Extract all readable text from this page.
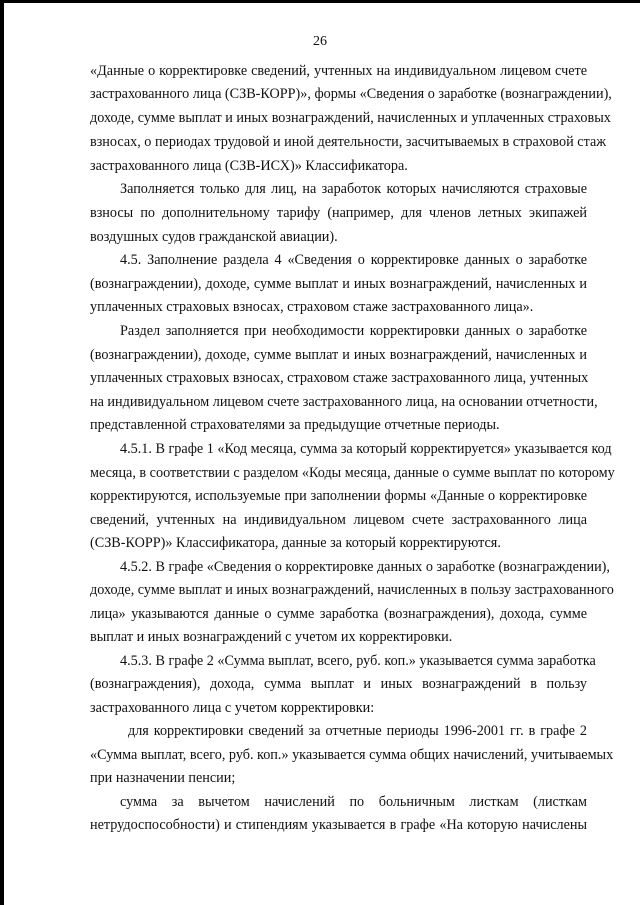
26
«Данные о корректировке сведений, учтенных на индивидуальном лицевом счете
застрахованного лица (СЗВ-КОРР)», формы «Сведения о заработке (вознаграждении),
доходе, сумме выплат и иных вознаграждений, начисленных и уплаченных страховых
взносах, о периодах трудовой и иной деятельности, засчитываемых в страховой стаж
застрахованного лица (СЗВ-ИСХ)» Классификатора.
Заполняется только для лиц, на заработок которых начисляются страховые
взносы по дополнительному тарифу (например, для членов летных экипажей
воздушных судов гражданской авиации).
4.5. Заполнение раздела 4 «Сведения о корректировке данных о заработке
(вознаграждении), доходе, сумме выплат и иных вознаграждений, начисленных и
уплаченных страховых взносах, страховом стаже застрахованного лица».
Раздел заполняется при необходимости корректировки данных о заработке
(вознаграждении), доходе, сумме выплат и иных вознаграждений, начисленных и
уплаченных страховых взносах, страховом стаже застрахованного лица, учтенных
на индивидуальном лицевом счете застрахованного лица, на основании отчетности,
представленной страхователями за предыдущие отчетные периоды.
4.5.1. В графе 1 «Код месяца, сумма за который корректируется» указывается код
месяца, в соответствии с разделом «Коды месяца, данные о сумме выплат по которому
корректируются, используемые при заполнении формы «Данные о корректировке
сведений, учтенных на индивидуальном лицевом счете застрахованного лица
(СЗВ-КОРР)» Классификатора, данные за который корректируются.
4.5.2. В графе «Сведения о корректировке данных о заработке (вознаграждении),
доходе, сумме выплат и иных вознаграждений, начисленных в пользу застрахованного
лица» указываются данные о сумме заработка (вознаграждения), дохода, сумме
выплат и иных вознаграждений с учетом их корректировки.
4.5.3. В графе 2 «Сумма выплат, всего, руб. коп.» указывается сумма заработка
(вознаграждения), дохода, сумма выплат и иных вознаграждений в пользу
застрахованного лица с учетом корректировки:
для корректировки сведений за отчетные периоды 1996-2001 гг. в графе 2
«Сумма выплат, всего, руб. коп.» указывается сумма общих начислений, учитываемых
при назначении пенсии;
сумма за вычетом начислений по больничным листкам (листкам
нетрудоспособности) и стипендиям указывается в графе «На которую начислены
